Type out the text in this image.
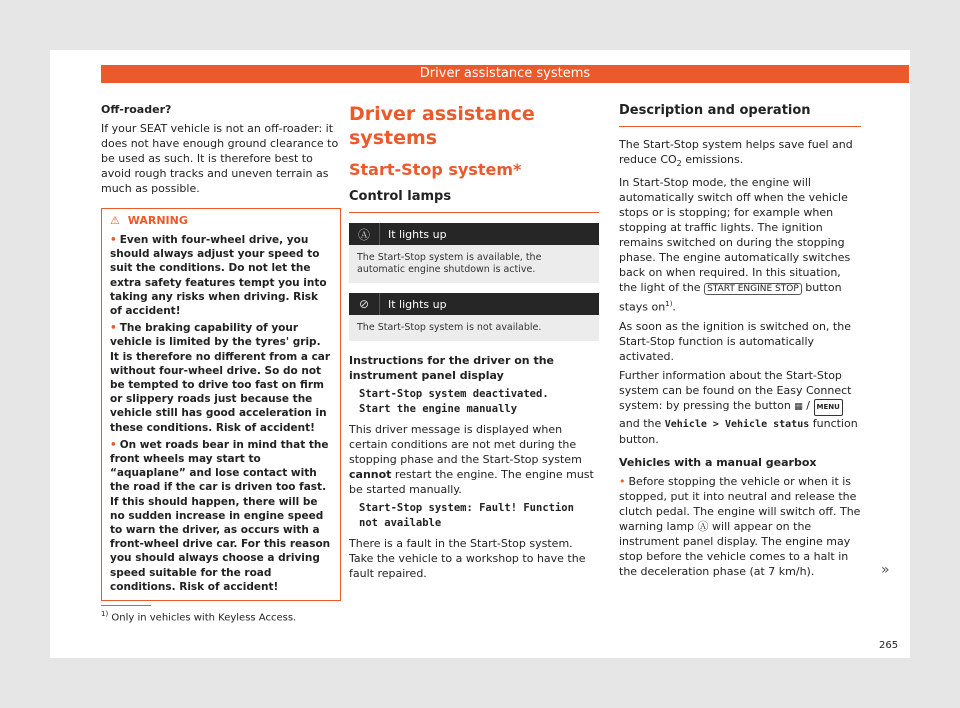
Driver assistance systems

Off-roader?

If your SEAT vehicle is not an off-roader: it does not have enough ground clearance to be used as such. It is therefore best to avoid rough tracks and uneven terrain as much as possible.

⚠ WARNING

• Even with four-wheel drive, you should always adjust your speed to suit the conditions. Do not let the extra safety features tempt you into taking any risks when driving. Risk of accident!

• The braking capability of your vehicle is limited by the tyres' grip. It is therefore no different from a car without four-wheel drive. So do not be tempted to drive too fast on firm or slippery roads just because the vehicle still has good acceleration in these conditions. Risk of accident!

• On wet roads bear in mind that the front wheels may start to “aquaplane” and lose contact with the road if the car is driven too fast. If this should happen, there will be no sudden increase in engine speed to warn the driver, as occurs with a front-wheel drive car. For this reason you should always choose a driving speed suitable for the road conditions. Risk of accident!

Driver assistance systems
Start-Stop system*
Control lamps
Ⓐ	It lights up
The Start-Stop system is available, the automatic engine shutdown is active.
⊘	It lights up
The Start-Stop system is not available.

Instructions for the driver on the instrument panel display

Start-Stop system deactivated.
Start the engine manually

This driver message is displayed when certain conditions are not met during the stopping phase and the Start-Stop system cannot restart the engine. The engine must be started manually.

Start-Stop system: Fault! Function
not available

There is a fault in the Start-Stop system. Take the vehicle to a workshop to have the fault repaired.

Description and operation

The Start-Stop system helps save fuel and reduce $CO_2$ emissions.

In Start-Stop mode, the engine will automatically switch off when the vehicle stops or is stopping; for example when stopping at traffic lights. The ignition remains switched on during the stopping phase. The engine automatically switches back on when required. In this situation, the light of the START ENGINE STOP button stays $on^{1)}$.

As soon as the ignition is switched on, the Start-Stop function is automatically activated.

Further information about the Start-Stop system can be found on the Easy Connect system: by pressing the button ▦ / MENU and the Vehicle > Vehicle status function button.

Vehicles with a manual gearbox

• Before stopping the vehicle or when it is stopped, put it into neutral and release the clutch pedal. The engine will switch off. The warning lamp Ⓐ will appear on the instrument panel display. The engine may stop before the vehicle comes to a halt in the deceleration phase (at 7 km/h).	»
$^{1)}$ Only in vehicles with Keyless Access.
265
